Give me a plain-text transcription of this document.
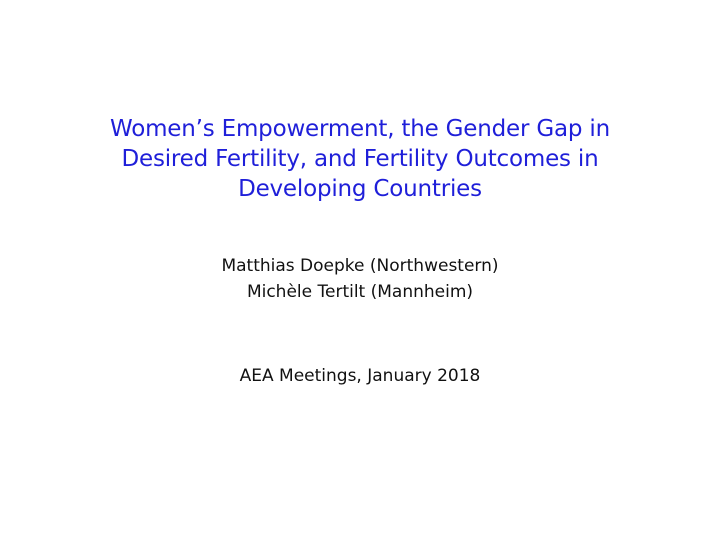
Women’s Empowerment, the Gender Gap in
Desired Fertility, and Fertility Outcomes in
Developing Countries
Matthias Doepke (Northwestern)
Michèle Tertilt (Mannheim)
AEA Meetings, January 2018
